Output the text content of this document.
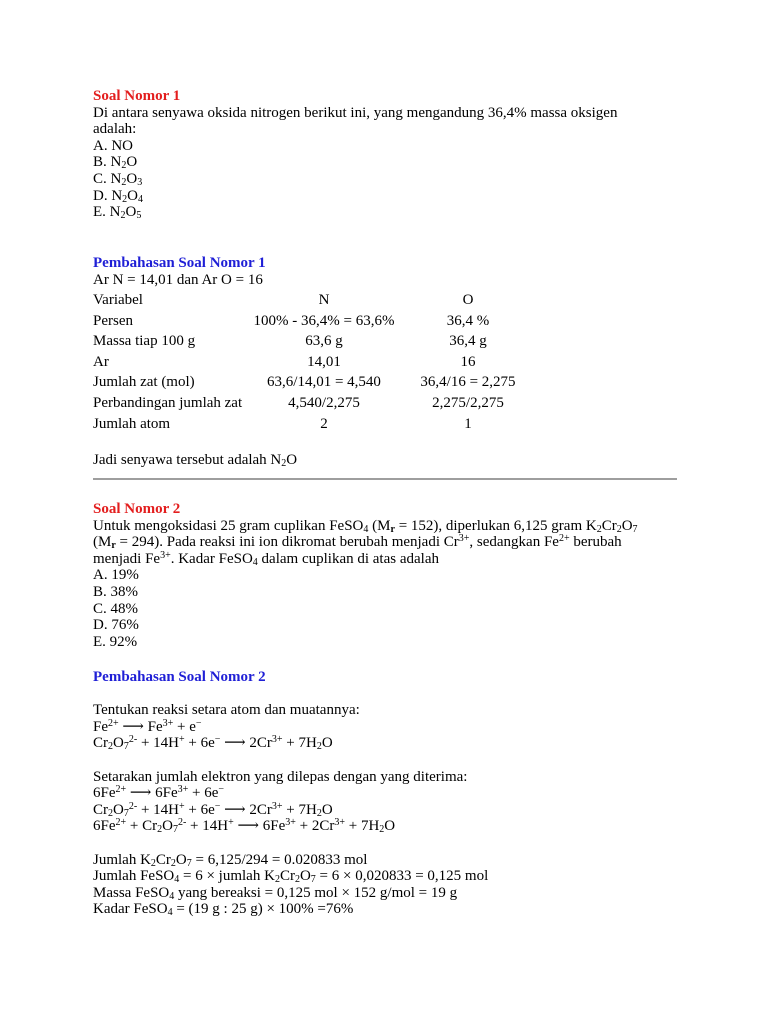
Soal Nomor 1
Di antara senyawa oksida nitrogen berikut ini, yang mengandung 36,4% massa oksigen
adalah:
A. NO
B. $N_2O$
C. $N_2O_3$
D. $N_2O_4$
E. $N_2O_5$
Pembahasan Soal Nomor 1
Ar N = 14,01 dan Ar O = 16
Variabel	N	O
Persen	100% - 36,4% = 63,6%	36,4 %
Massa tiap 100 g	63,6 g	36,4 g
Ar	14,01	16
Jumlah zat (mol)	63,6/14,01 = 4,540	36,4/16 = 2,275
Perbandingan jumlah zat	4,540/2,275	2,275/2,275
Jumlah atom	2	1
Jadi senyawa tersebut adalah $N_2O$
Soal Nomor 2
Untuk mengoksidasi 25 gram cuplikan FeSO$_4$ $(M_r = 152)$, diperlukan 6,125 gram $K_2Cr_2O_7$
$(M_r = 294)$. Pada reaksi ini ion dikromat berubah menjadi $Cr^{3+}$, sedangkan $Fe^{2+}$ berubah
menjadi $Fe^{3+}$. Kadar FeSO$_4$ dalam cuplikan di atas adalah
A. 19%
B. 38%
C. 48%
D. 76%
E. 92%
Pembahasan Soal Nomor 2
Tentukan reaksi setara atom dan muatannya:
$Fe^{2+}$ ⟶ $Fe^{3+} + e^-$
$Cr_2O_7^{2-} + 14H^+ + 6e^-$ ⟶ $2Cr^{3+} + 7H_2O$
Setarakan jumlah elektron yang dilepas dengan yang diterima:
$6Fe^{2+}$ ⟶ $6Fe^{3+} + 6e^-$
$Cr_2O_7^{2-} + 14H^+ + 6e^-$ ⟶ $2Cr^{3+} + 7H_2O$
$6Fe^{2+} + Cr_2O_7^{2-} + 14H^+$ ⟶ $6Fe^{3+} + 2Cr^{3+} + 7H_2O$
Jumlah $K_2Cr_2O_7 = 6,125/294 = 0.020833$ mol
Jumlah FeSO$_4$ = 6 × jumlah $K_2Cr_2O_7 = 6 \times 0,020833 = 0,125$ mol
Massa FeSO$_4$ yang bereaksi = 0,125 mol × 152 g/mol = 19 g
Kadar FeSO$_4$ = (19 g : 25 g) × 100% =76%
